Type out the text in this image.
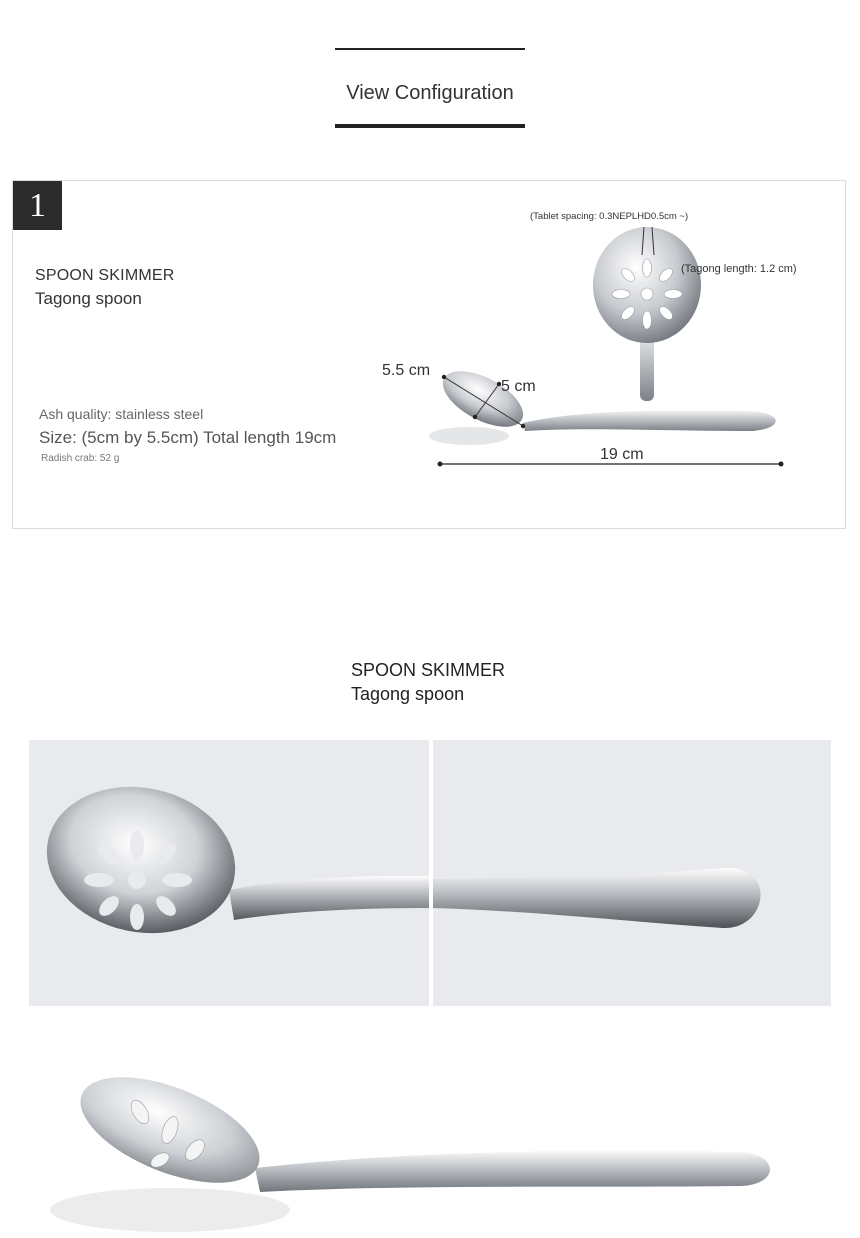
View Configuration
1
SPOON SKIMMER
Tagong spoon
Ash quality: stainless steel
Size: (5cm by 5.5cm) Total length 19cm
Radish crab: 52 g
(Tablet spacing: 0.3NEPLHD0.5cm ~)
(Tagong length: 1.2 cm)
5.5 cm
5 cm
19 cm
SPOON SKIMMER
Tagong spoon
